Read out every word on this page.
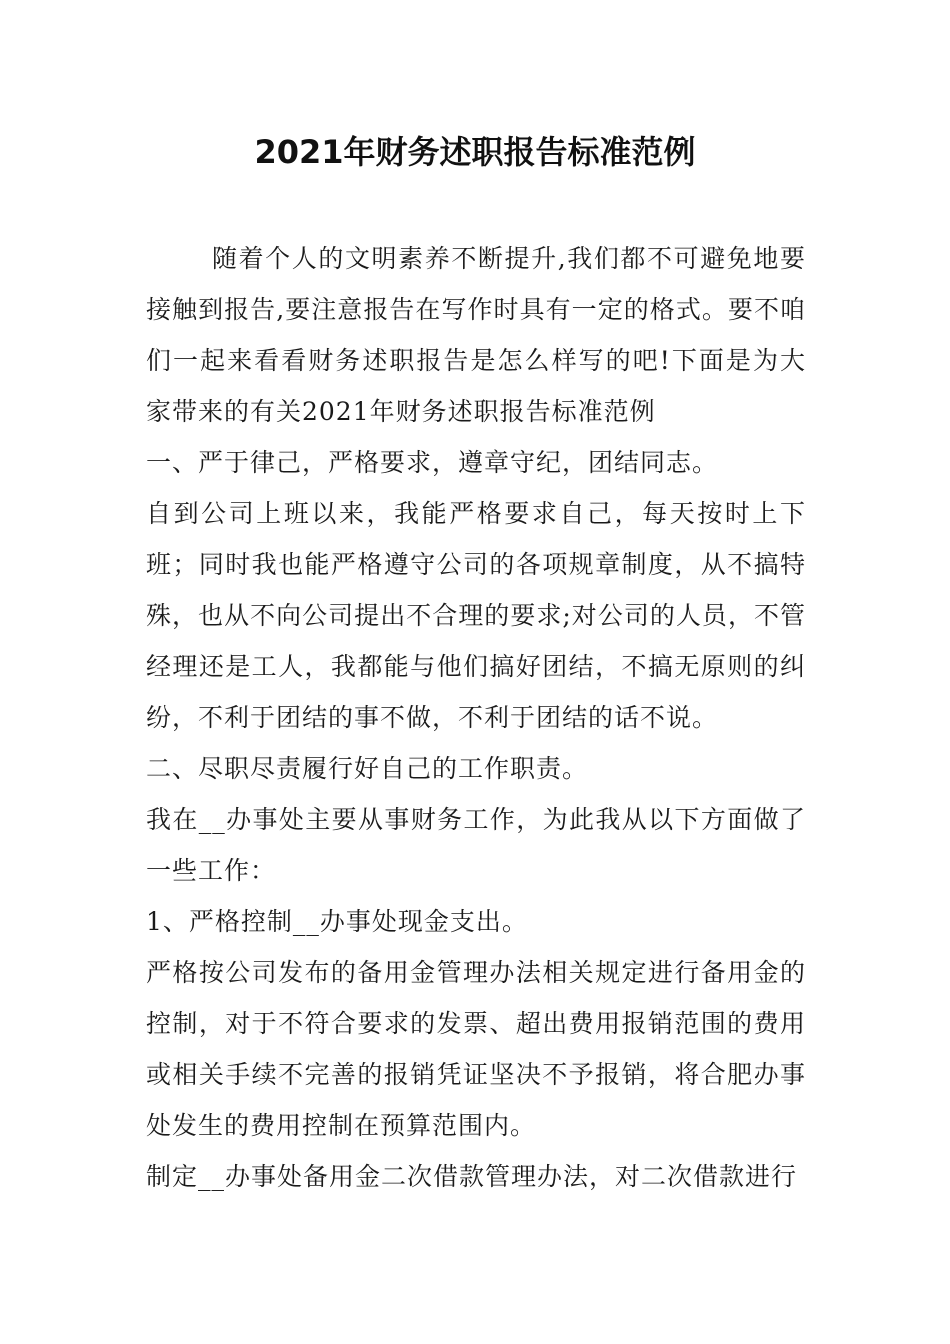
2021年财务述职报告标准范例

随着个人的文明素养不断提升,我们都不可避免地要接触到报告,要注意报告在写作时具有一定的格式。要不咱们一起来看看财务述职报告是怎么样写的吧!下面是为大家带来的有关2021年财务述职报告标准范例

一、严于律己，严格要求，遵章守纪，团结同志。

自到公司上班以来，我能严格要求自己，每天按时上下班；同时我也能严格遵守公司的各项规章制度，从不搞特殊，也从不向公司提出不合理的要求;对公司的人员，不管经理还是工人，我都能与他们搞好团结，不搞无原则的纠纷，不利于团结的事不做，不利于团结的话不说。

二、尽职尽责履行好自己的工作职责。

我在__办事处主要从事财务工作，为此我从以下方面做了一些工作：

1、严格控制__办事处现金支出。

严格按公司发布的备用金管理办法相关规定进行备用金的控制，对于不符合要求的发票、超出费用报销范围的费用或相关手续不完善的报销凭证坚决不予报销，将合肥办事处发生的费用控制在预算范围内。

制定__办事处备用金二次借款管理办法，对二次借款进行
